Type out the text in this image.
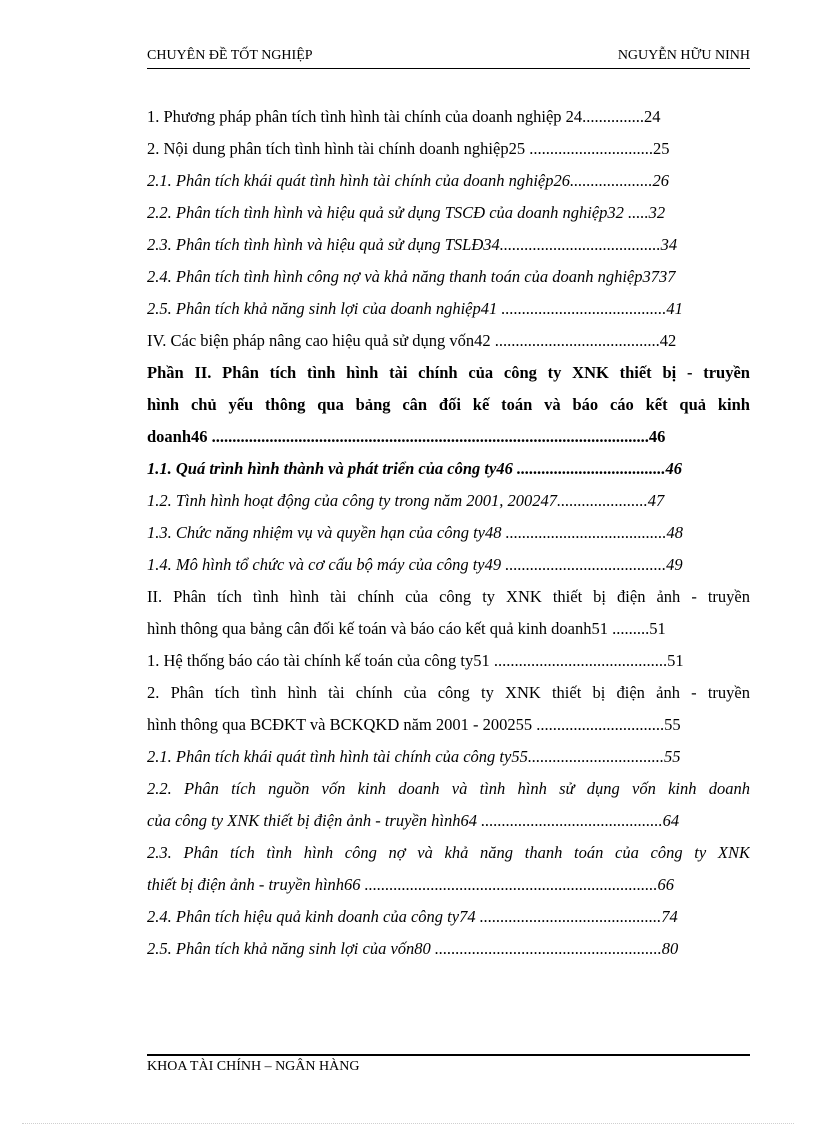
CHUYÊN ĐỀ TỐT NGHIỆP	NGUYỄN HỮU NINH
1. Phương pháp phân tích tình hình tài chính của doanh nghiệp 24...............24
2. Nội dung phân tích tình hình tài chính doanh nghiệp25 ..............................25
2.1. Phân tích khái quát tình hình tài chính của doanh nghiệp26....................26
2.2. Phân tích tình hình và hiệu quả sử dụng TSCĐ của doanh nghiệp32 .....32
2.3. Phân tích tình hình và hiệu quả sử dụng TSLĐ34.......................................34
2.4. Phân tích tình hình công nợ và khả năng thanh toán của doanh nghiệp3737
2.5. Phân tích khả năng sinh lợi của doanh nghiệp41 ........................................41
IV. Các biện pháp nâng cao hiệu quả sử dụng vốn42 ........................................42
Phần II. Phân tích tình hình tài chính của công ty XNK thiết bị - truyền
hình chủ yếu thông qua bảng cân đối kế toán và báo cáo kết quả kinh
doanh46 ..........................................................................................................46
1.1. Quá trình hình thành và phát triển của công ty46 ....................................46
1.2. Tình hình hoạt động của công ty trong năm 2001, 200247......................47
1.3. Chức năng nhiệm vụ và quyền hạn của công ty48 .......................................48
1.4. Mô hình tổ chức và cơ cấu bộ máy của công ty49 .......................................49
II. Phân tích tình hình tài chính của công ty XNK thiết bị điện ảnh - truyền
hình thông qua bảng cân đối kế toán và báo cáo kết quả kinh doanh51 .........51
1. Hệ thống báo cáo tài chính kế toán của công ty51 ..........................................51
2. Phân tích tình hình tài chính của công ty XNK thiết bị điện ảnh - truyền
hình thông qua BCĐKT và BCKQKD năm 2001 - 200255 ...............................55
2.1. Phân tích khái quát tình hình tài chính của công ty55.................................55
2.2. Phân tích nguồn vốn kinh doanh và tình hình sử dụng vốn kinh doanh
của công ty XNK thiết bị điện ảnh - truyền hình64 ............................................64
2.3. Phân tích tình hình công nợ và khả năng thanh toán của công ty XNK
thiết bị điện ảnh - truyền hình66 .......................................................................66
2.4. Phân tích hiệu quả kinh doanh của công ty74 ............................................74
2.5. Phân tích khả năng sinh lợi của vốn80 .......................................................80
KHOA TÀI CHÍNH – NGÂN HÀNG
